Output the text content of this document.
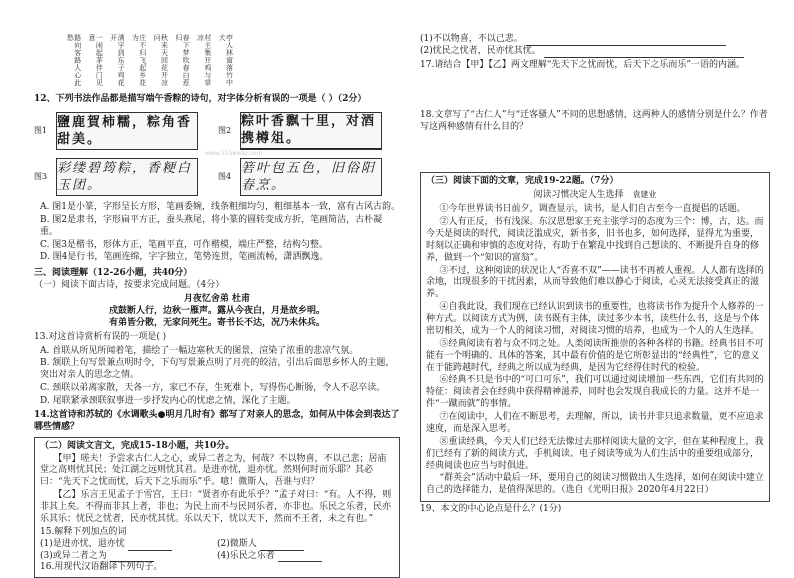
亭人林窗落竹中犬
村主集开鸡与草凉
春下梦吹春白惹归
秋来天回花开凉问
庄不归飞起乡花为
满宇到东子鸡花开
一闲起茅伴门见意
路向客路人心此愁
12、下列书法作品都是描写端午香粽的诗句，对字体分析有误的一项是（ ）（2分）
图1
鹽鹿賀柿糯，粽角香甜美。
图2
粽叶香飘十里，对酒携樽俎。
图3
彩缕碧筠粽，香粳白玉团。
图4
箬叶包五色，旧俗阳春烹。
A. 图1是小篆，字形呈长方形，笔画委婉，线条粗细均匀，粗细基本一致，富有古风古韵。
B. 图2是隶书，字形扁平方正，蚕头燕尾，将小篆的圆转变成方折，笔画简洁，古朴凝重。
C. 图3是楷书，形体方正，笔画平直，可作楷模，端庄严整，结构匀整。
D. 图4是行书，笔画连绵，字字独立，笔势连贯，笔画流畅，潇洒飘逸。
三、阅读理解（12-26小题，共40分）
（一）阅读下面古诗，按要求完成问题。（4分）
月夜忆舍弟 杜甫
戍鼓断人行，边秋一雁声。露从今夜白，月是故乡明。
有弟皆分散，无家问死生。寄书长不达，况乃未休兵。
13.对这首诗赏析有误的一项是( )
A. 首联从所见所闻着笔，描绘了一幅边塞秋天的图景，渲染了浓重的悲凉气氛。
B. 颔联上句写景兼点明时令，下句写景兼点明了月亮的皎洁，引出后面思乡怀人的主题，突出对亲人的思念之情。
C. 颈联以弟离家散，天各一方，家已不存，生死难卜，写得伤心断肠，令人不忍卒读。
D. 尾联紧承颈联叙事进一步抒发内心的忧虑之情，深化了主题。
14.这首诗和苏轼的《水调歌头●明月几时有》都写了对亲人的思念，如何从中体会到表达了哪些情感？
（二）阅读文言文，完成15-18小题，共10分。
【甲】嗟夫！予尝求古仁人之心，或异二者之为，何哉？不以物喜，不以己悲；居庙堂之高则忧其民；处江湖之远则忧其君。是进亦忧，退亦忧。然则何时而乐耶？其必曰：“先天下之忧而忧，后天下之乐而乐”乎。噫！微斯人，吾谁与归？
【乙】乐言王见孟子于雪宫，王曰：“贤者亦有此乐乎？”孟子对曰：“有。人不得，则非其上矣。不得而非其上者，非也；为民上而不与民同乐者，亦非也。乐民之乐者，民亦乐其乐；忧民之忧者，民亦忧其忧。乐以天下，忧以天下，然而不王者，未之有也。”
15.解释下列加点的词
(1)是进亦忧，退亦忧	(2)微斯人
(3)或异二者之为	(4)乐民之乐者
16.用现代汉语翻译下列句子。
(1)不以物喜，不以己悲。
(2)忧民之忧者，民亦忧其忧。
17.请结合【甲】【乙】两文理解“先天下之忧而忧，后天下之乐而乐”一语的内涵。
18.文章写了“古仁人”与“迁客骚人”不同的思想感情，这两种人的感情分别是什么？作者写这两种感情有什么目的？
（三）阅读下面的文章，完成19-22题。（7分）
阅读习惯决定人生选择 袁建业
①今年世界读书日前夕，调查显示，读书，是人们自古至今一直提倡的话题。
②人有正反，书有浅深。东汉思想家王充主张学习的态度为三个：博，古，达。而今天是阅读的时代，阅读泛滥成灾，新书多，旧书也多，如何选择，显得尤为重要，时刻以正确和审慎的态度对待，有助于在繁乱中找到自己想读的、不断提升自身的修养，做到一个“知识的富翁”。
③不过，这种阅读的状况让人“否喜不双”——读书不再被人重视。人人都有选择的余地，出现很多的干扰因素，从而导致他们难以静心于阅读，心灵无法接受真正的滋养。
④自我此设，我们现在已经认识到读书的重要性，也将读书作为提升个人修养的一种方式。以阅读方式为例，读书既有主体，读过多少本书，读些什么书，这是与个体密切相关，成为一个人的阅读习惯，对阅读习惯的培养，也成为一个人的人生选择。
⑤经典阅读有着与众不同之处。人类阅读所推崇的各种各样的书籍。经典书目不可能有一个明确的、具体的答案，其中最有价值的是它所彰显出的“经典性”，它的意义在于能跨越时代，经典之所以成为经典，是因为它经得住时代的检验。
⑥经典不只是书中的“可口可乐”，我们可以通过阅读增加一些东西，它们有共同的特征：阅读者会在经典中获得精神滋养，同时也会发现自我成长的力量。这并不是一件“一蹴而就”的事情。
⑦在阅读中，人们在不断思考，去理解，所以，读书并非只追求数量，更不应追求速度，而是深入思考。
⑧重读经典，今天人们已经无法像过去那样阅读大量的文字，但在某种程度上，我们已经有了新的阅读方式，手机阅读、电子阅读等成为人们生活中的重要组成部分，经典阅读也应当与时俱进。
“群英会”活动中最后一环，要用自己的阅读习惯做出人生选择，如何在阅读中建立自己的选择能力，是值得深思的。（选自《光明日报》2020年4月22日）
19、本文的中心论点是什么？(1分)
www.5156edu.com
